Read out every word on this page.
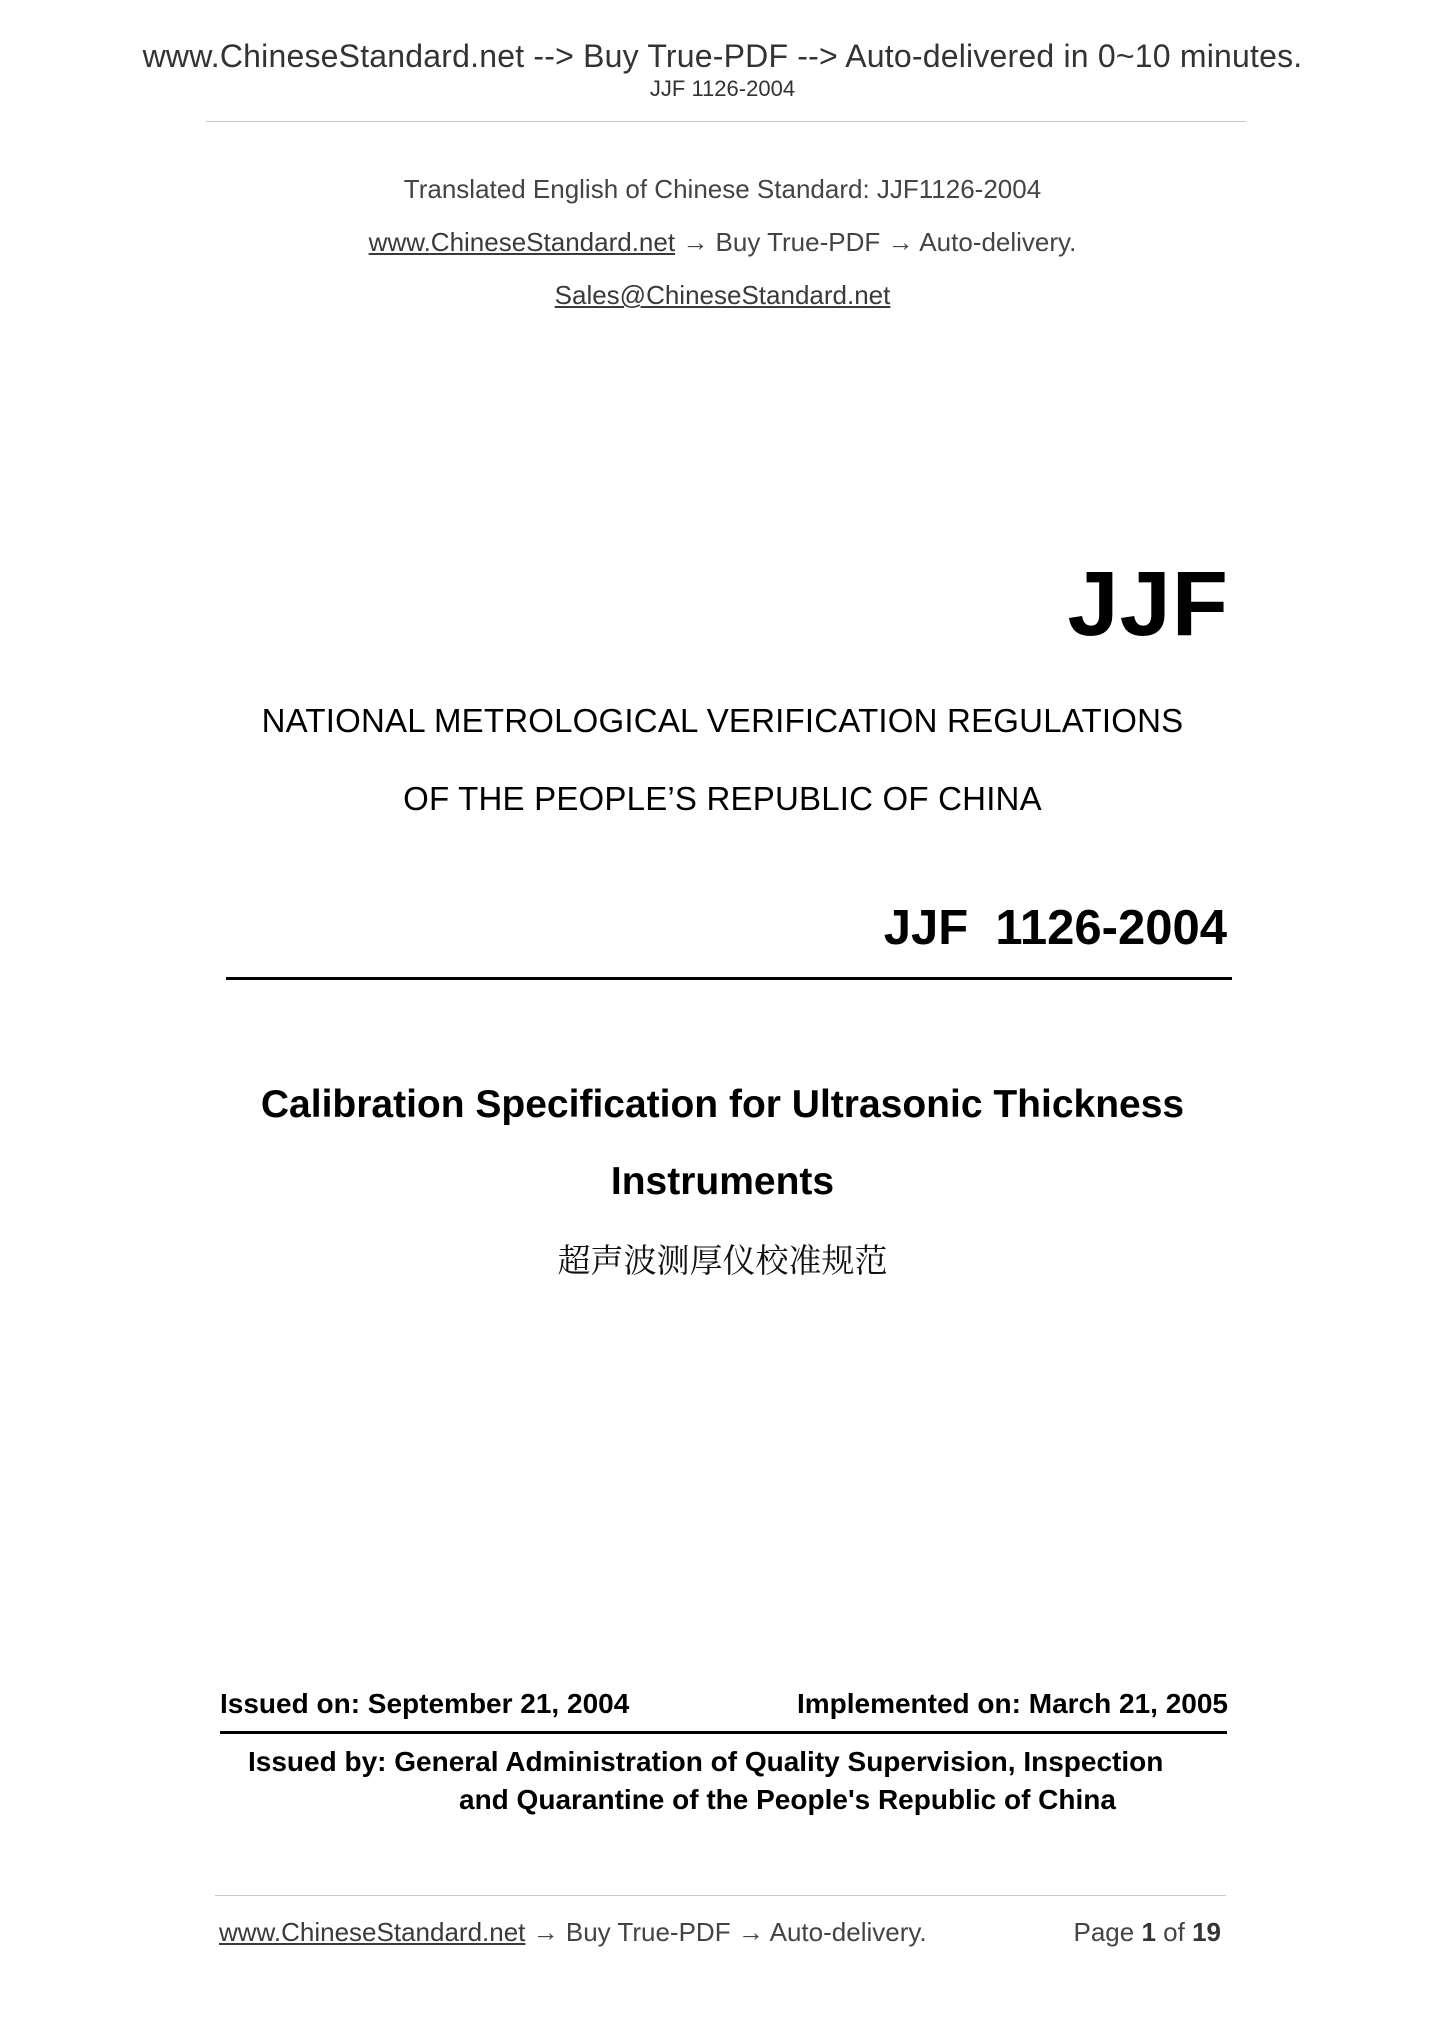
www.ChineseStandard.net --> Buy True-PDF --> Auto-delivered in 0~10 minutes.
JJF 1126-2004
Translated English of Chinese Standard: JJF1126-2004
www.ChineseStandard.net → Buy True-PDF → Auto-delivery.
Sales@ChineseStandard.net
JJF
NATIONAL METROLOGICAL VERIFICATION REGULATIONS
OF THE PEOPLE’S REPUBLIC OF CHINA
JJF  1126-2004
Calibration Specification for Ultrasonic Thickness
Instruments
超声波测厚仪校准规范
Issued on: September 21, 2004	Implemented on: March 21, 2005
Issued by: General Administration of Quality Supervision, Inspection
and Quarantine of the People's Republic of China
www.ChineseStandard.net → Buy True-PDF → Auto-delivery.	Page 1 of 19
